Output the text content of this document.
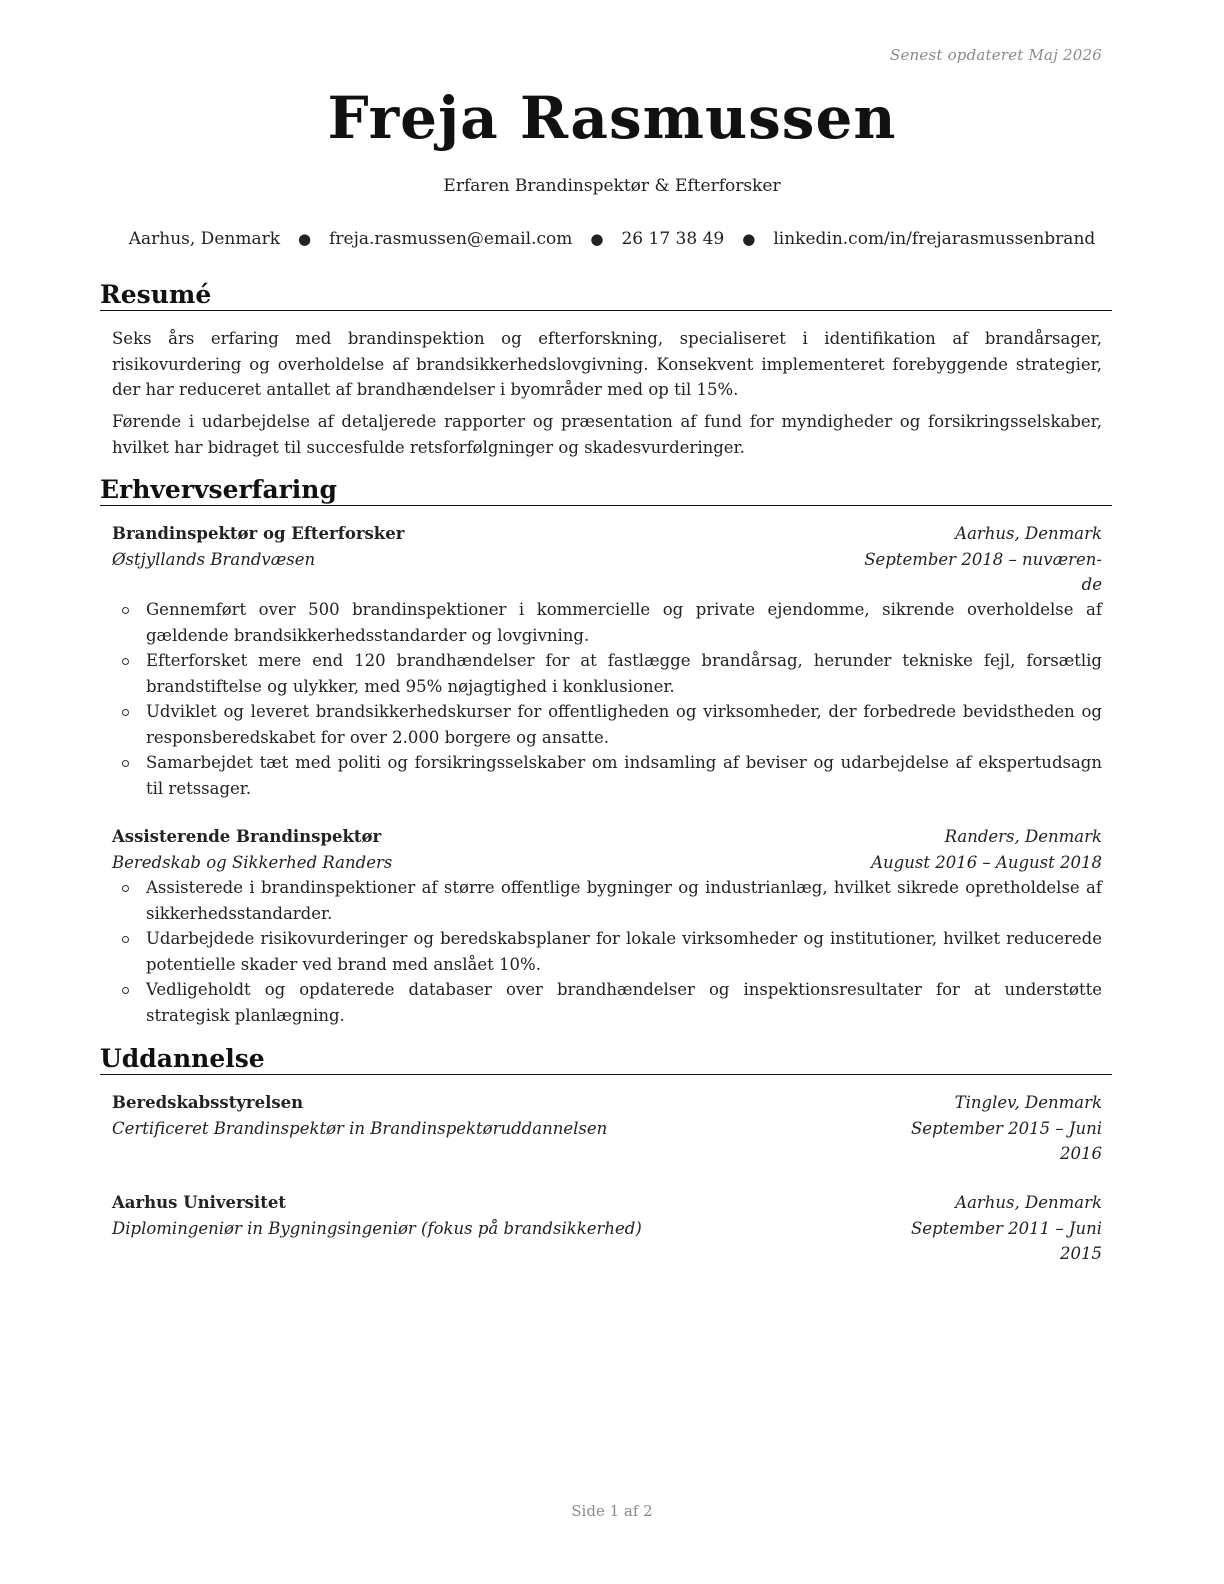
Senest opdateret Maj 2026
Freja Rasmussen
Erfaren Brandinspektør & Efterforsker
Aarhus, Denmark ● freja.rasmussen@email.com ● 26 17 38 49 ● linkedin.com/in/frejarasmussenbrand
Resumé
Seks års erfaring med brandinspektion og efterforskning, specialiseret i identifikation af brandårsager, risikovurdering og overholdelse af brandsikkerhedslovgivning. Konsekvent implementeret forebyggende strategier, der har reduceret antallet af brandhændelser i byområder med op til 15%.
Førende i udarbejdelse af detaljerede rapporter og præsentation af fund for myndigheder og forsikringsselskaber, hvilket har bidraget til succesfulde retsforfølgninger og skadesvurderinger.
Erhvervserfaring
Brandinspektør og Efterforsker	Aarhus, Denmark
Østjyllands Brandvæsen	September 2018 – nuværen-
de
Gennemført over 500 brandinspektioner i kommercielle og private ejendomme, sikrende overholdelse af gældende brandsikkerhedsstandarder og lovgivning.
Efterforsket mere end 120 brandhændelser for at fastlægge brandårsag, herunder tekniske fejl, forsætlig brandstiftelse og ulykker, med 95% nøjagtighed i konklusioner.
Udviklet og leveret brandsikkerhedskurser for offentligheden og virksomheder, der forbedrede bevidstheden og responsberedskabet for over 2.000 borgere og ansatte.
Samarbejdet tæt med politi og forsikringsselskaber om indsamling af beviser og udarbejdelse af ekspertudsagn til retssager.
Assisterende Brandinspektør	Randers, Denmark
Beredskab og Sikkerhed Randers	August 2016 – August 2018
Assisterede i brandinspektioner af større offentlige bygninger og industrianlæg, hvilket sikrede opretholdelse af sikkerhedsstandarder.
Udarbejdede risikovurderinger og beredskabsplaner for lokale virksomheder og institutioner, hvilket reducerede potentielle skader ved brand med anslået 10%.
Vedligeholdt og opdaterede databaser over brandhændelser og inspektionsresultater for at understøtte strategisk planlægning.
Uddannelse
Beredskabsstyrelsen	Tinglev, Denmark
Certificeret Brandinspektør in Brandinspektøruddannelsen	September 2015 – Juni
2016
Aarhus Universitet	Aarhus, Denmark
Diplomingeniør in Bygningsingeniør (fokus på brandsikkerhed)	September 2011 – Juni
2015
Side 1 af 2
